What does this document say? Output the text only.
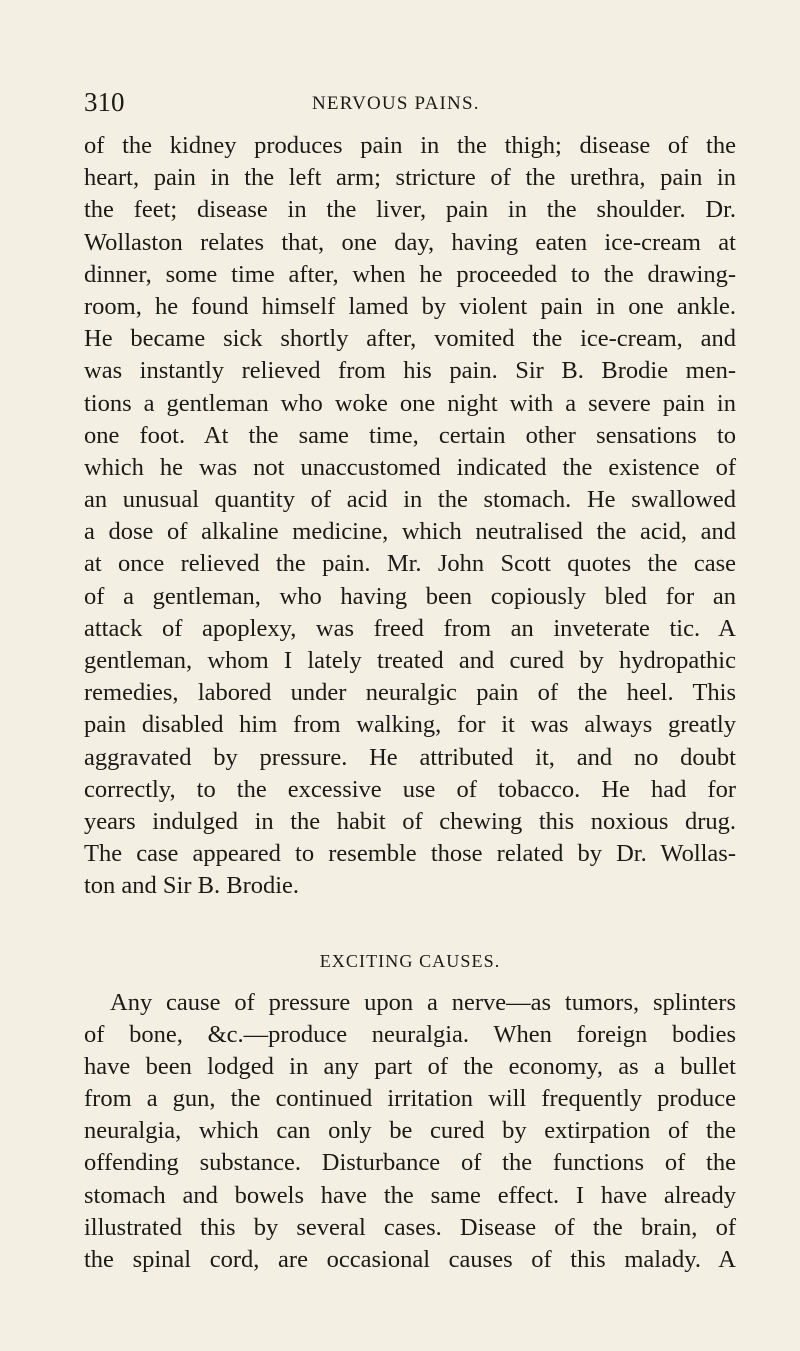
310	NERVOUS PAINS.
of the kidney produces pain in the thigh; disease of the
heart, pain in the left arm; stricture of the urethra, pain in
the feet; disease in the liver, pain in the shoulder. Dr.
Wollaston relates that, one day, having eaten ice-cream at
dinner, some time after, when he proceeded to the drawing-
room, he found himself lamed by violent pain in one ankle.
He became sick shortly after, vomited the ice-cream, and
was instantly relieved from his pain. Sir B. Brodie men-
tions a gentleman who woke one night with a severe pain in
one foot. At the same time, certain other sensations to
which he was not unaccustomed indicated the existence of
an unusual quantity of acid in the stomach. He swallowed
a dose of alkaline medicine, which neutralised the acid, and
at once relieved the pain. Mr. John Scott quotes the case
of a gentleman, who having been copiously bled for an
attack of apoplexy, was freed from an inveterate tic. A
gentleman, whom I lately treated and cured by hydropathic
remedies, labored under neuralgic pain of the heel. This
pain disabled him from walking, for it was always greatly
aggravated by pressure. He attributed it, and no doubt
correctly, to the excessive use of tobacco. He had for
years indulged in the habit of chewing this noxious drug.
The case appeared to resemble those related by Dr. Wollas-
ton and Sir B. Brodie.
EXCITING CAUSES.
Any cause of pressure upon a nerve—as tumors, splinters
of bone, &c.—produce neuralgia. When foreign bodies
have been lodged in any part of the economy, as a bullet
from a gun, the continued irritation will frequently produce
neuralgia, which can only be cured by extirpation of the
offending substance. Disturbance of the functions of the
stomach and bowels have the same effect. I have already
illustrated this by several cases. Disease of the brain, of
the spinal cord, are occasional causes of this malady. A
